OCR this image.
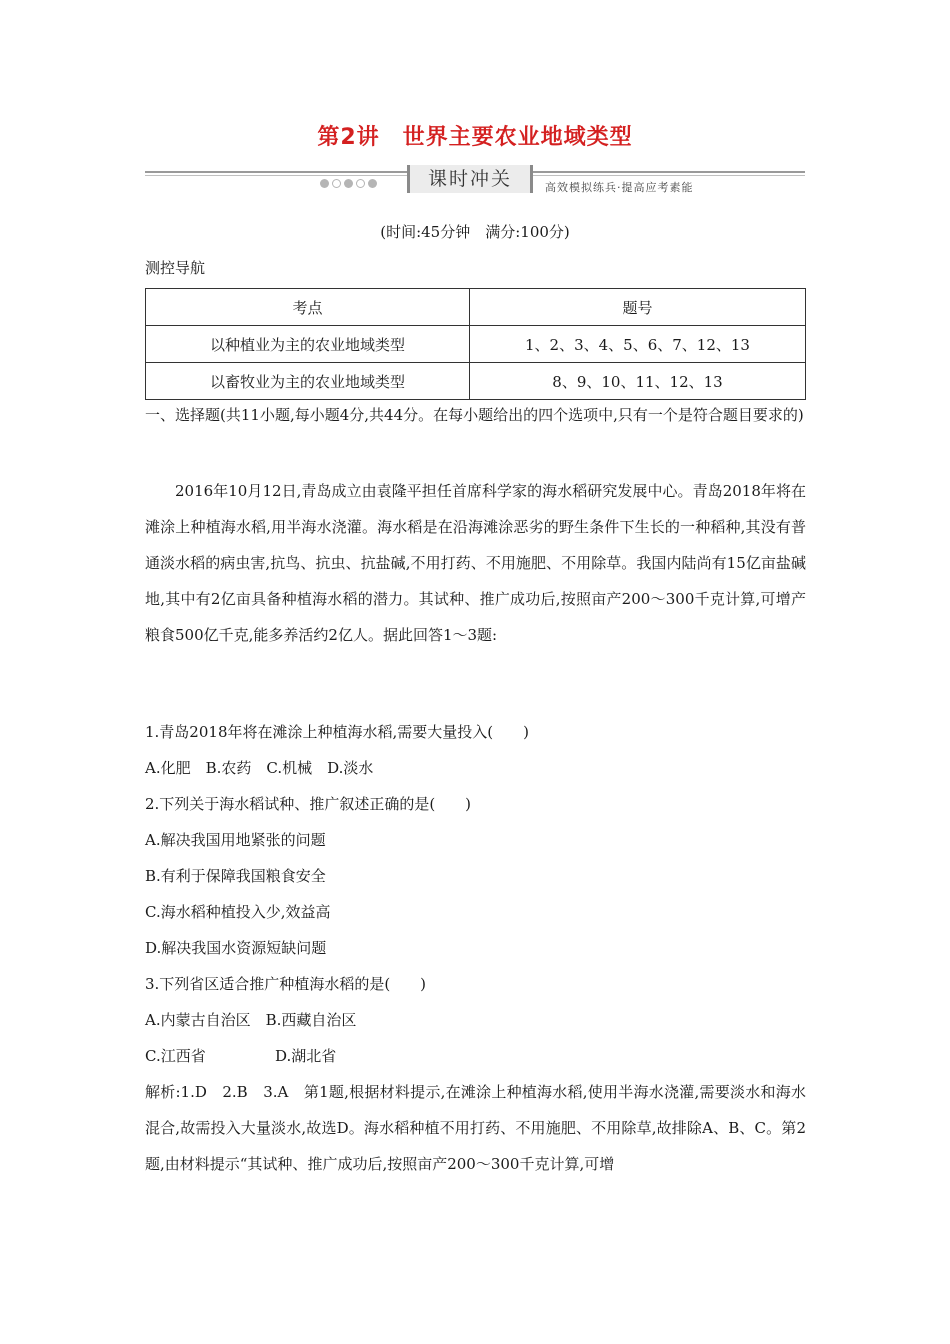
第2讲　世界主要农业地域类型
课时冲关	高效模拟练兵·提高应考素能
(时间:45分钟　满分:100分)
测控导航
考点	题号
以种植业为主的农业地域类型	1、2、3、4、5、6、7、12、13
以畜牧业为主的农业地域类型	8、9、10、11、12、13
一、选择题(共11小题,每小题4分,共44分。在每小题给出的四个选项中,只有一个是符合题目要求的)
2016年10月12日,青岛成立由袁隆平担任首席科学家的海水稻研究发展中心。青岛2018年将在滩涂上种植海水稻,用半海水浇灌。海水稻是在沿海滩涂恶劣的野生条件下生长的一种稻种,其没有普通淡水稻的病虫害,抗鸟、抗虫、抗盐碱,不用打药、不用施肥、不用除草。我国内陆尚有15亿亩盐碱地,其中有2亿亩具备种植海水稻的潜力。其试种、推广成功后,按照亩产200～300千克计算,可增产粮食500亿千克,能多养活约2亿人。据此回答1～3题:
1.青岛2018年将在滩涂上种植海水稻,需要大量投入(　　)
A.化肥　B.农药　C.机械　D.淡水
2.下列关于海水稻试种、推广叙述正确的是(　　)
A.解决我国用地紧张的问题
B.有利于保障我国粮食安全
C.海水稻种植投入少,效益高
D.解决我国水资源短缺问题
3.下列省区适合推广种植海水稻的是(　　)
A.内蒙古自治区　B.西藏自治区
C.江西省	D.湖北省
解析:1.D　2.B　3.A　第1题,根据材料提示,在滩涂上种植海水稻,使用半海水浇灌,需要淡水和海水混合,故需投入大量淡水,故选D。海水稻种植不用打药、不用施肥、不用除草,故排除A、B、C。第2题,由材料提示“其试种、推广成功后,按照亩产200～300千克计算,可增
